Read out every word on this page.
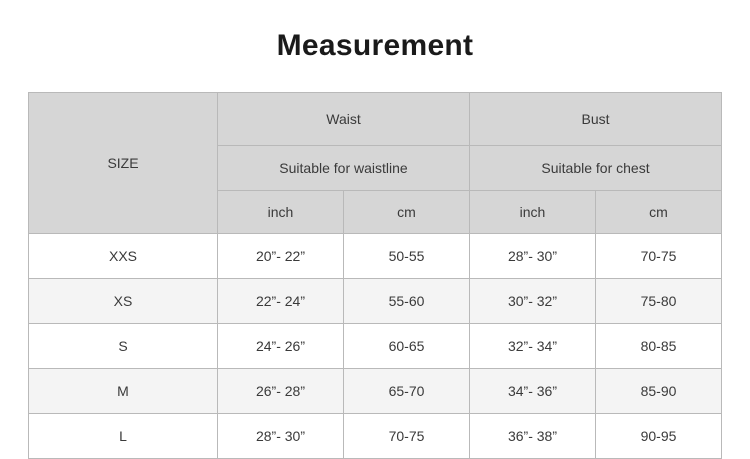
Measurement
SIZE	Waist		Bust	
	Suitable for waistline		Suitable for chest	
	inch	cm	inch	cm
XXS	20”- 22”	50-55	28”- 30”	70-75
XS	22”- 24”	55-60	30”- 32”	75-80
S	24”- 26”	60-65	32”- 34”	80-85
M	26”- 28”	65-70	34”- 36”	85-90
L	28”- 30”	70-75	36”- 38”	90-95
